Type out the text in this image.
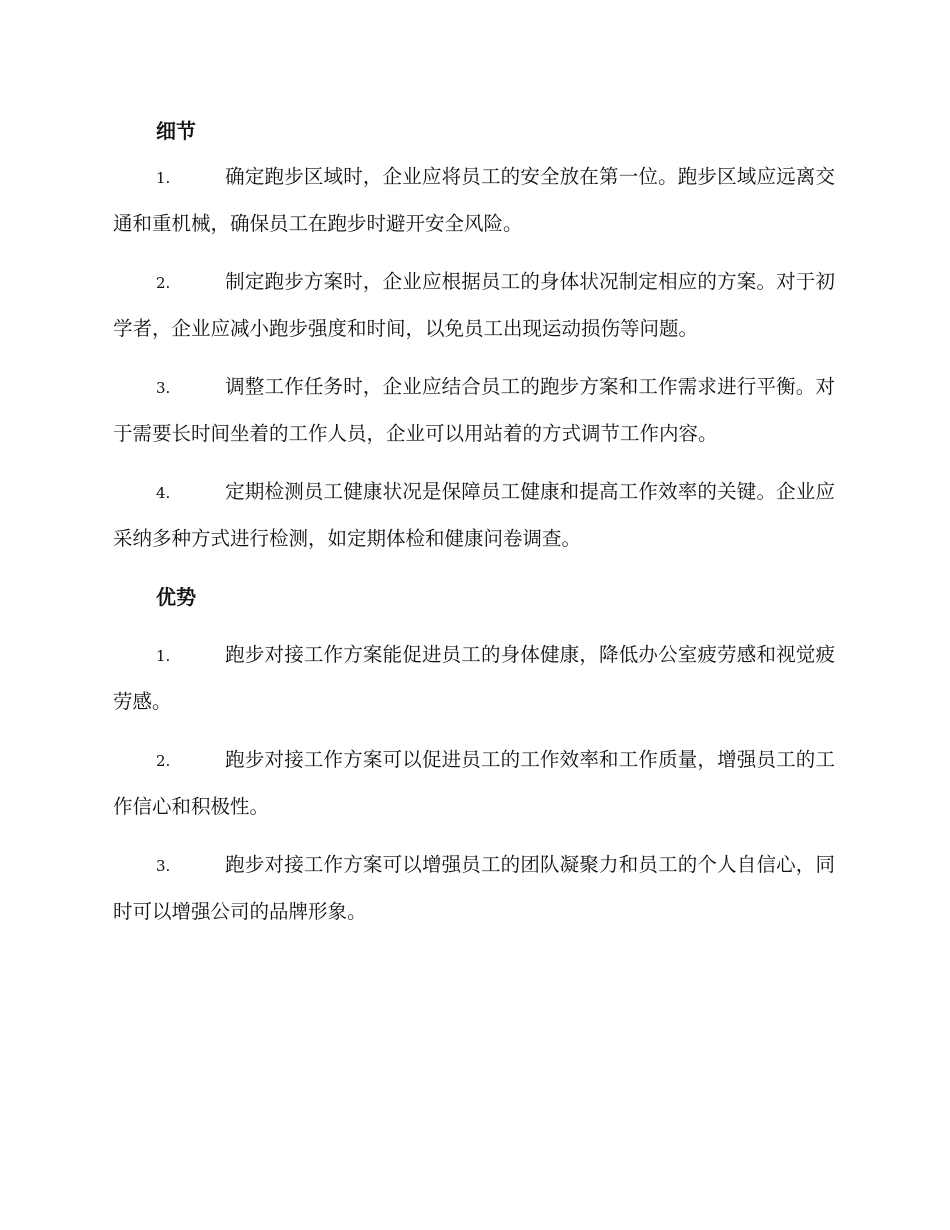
细节

1.	确定跑步区域时，企业应将员工的安全放在第一位。跑步区域应远离交通和重机械，确保员工在跑步时避开安全风险。

2.	制定跑步方案时，企业应根据员工的身体状况制定相应的方案。对于初学者，企业应减小跑步强度和时间，以免员工出现运动损伤等问题。

3.	调整工作任务时，企业应结合员工的跑步方案和工作需求进行平衡。对于需要长时间坐着的工作人员，企业可以用站着的方式调节工作内容。

4.	定期检测员工健康状况是保障员工健康和提高工作效率的关键。企业应采纳多种方式进行检测，如定期体检和健康问卷调查。

优势

1.	跑步对接工作方案能促进员工的身体健康，降低办公室疲劳感和视觉疲劳感。

2.	跑步对接工作方案可以促进员工的工作效率和工作质量，增强员工的工作信心和积极性。

3.	跑步对接工作方案可以增强员工的团队凝聚力和员工的个人自信心，同时可以增强公司的品牌形象。
